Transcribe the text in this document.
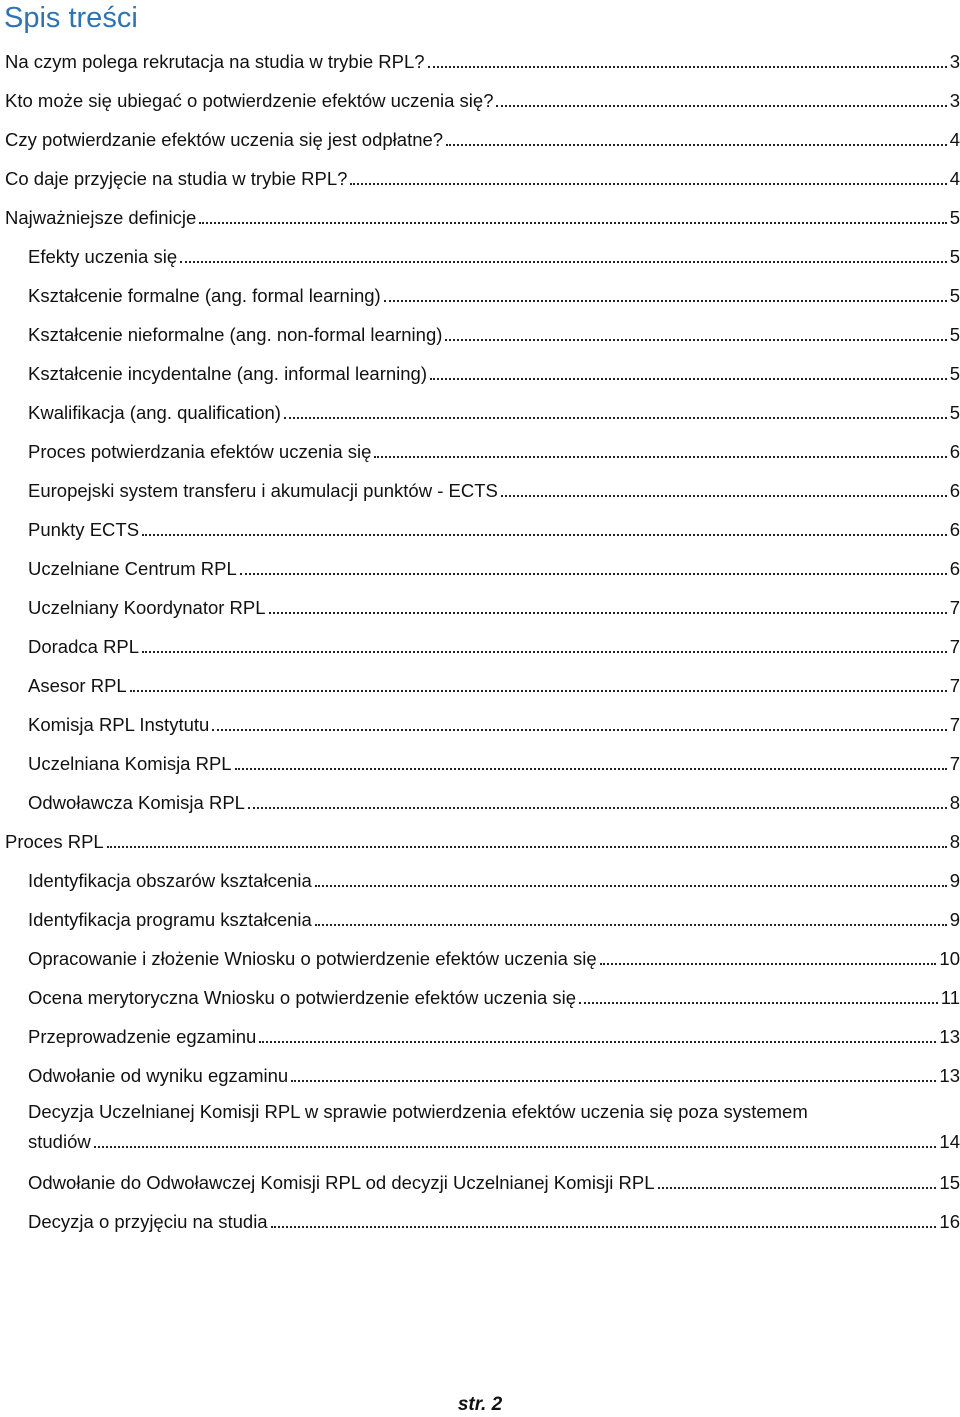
Spis treści
Na czym polega rekrutacja na studia w trybie RPL?	3
Kto może się ubiegać o potwierdzenie efektów uczenia się?	3
Czy potwierdzanie efektów uczenia się jest odpłatne?	4
Co daje przyjęcie na studia w trybie RPL?	4
Najważniejsze definicje	5
Efekty uczenia się	5
Kształcenie formalne (ang. formal learning)	5
Kształcenie nieformalne (ang. non-formal learning)	5
Kształcenie incydentalne (ang. informal learning)	5
Kwalifikacja (ang. qualification)	5
Proces potwierdzania efektów uczenia się	6
Europejski system transferu i akumulacji punktów - ECTS	6
Punkty ECTS	6
Uczelniane Centrum RPL	6
Uczelniany Koordynator RPL	7
Doradca RPL	7
Asesor RPL	7
Komisja RPL Instytutu	7
Uczelniana Komisja RPL	7
Odwoławcza Komisja RPL	8
Proces RPL	8
Identyfikacja obszarów kształcenia	9
Identyfikacja programu kształcenia	9
Opracowanie i złożenie Wniosku o potwierdzenie efektów uczenia się	10
Ocena merytoryczna Wniosku o potwierdzenie efektów uczenia się	11
Przeprowadzenie egzaminu	13
Odwołanie od wyniku egzaminu	13
Decyzja Uczelnianej Komisji RPL w sprawie potwierdzenia efektów uczenia się poza systemem
studiów	14
Odwołanie do Odwoławczej Komisji RPL od decyzji Uczelnianej Komisji RPL	15
Decyzja o przyjęciu na studia	16
str. 2
